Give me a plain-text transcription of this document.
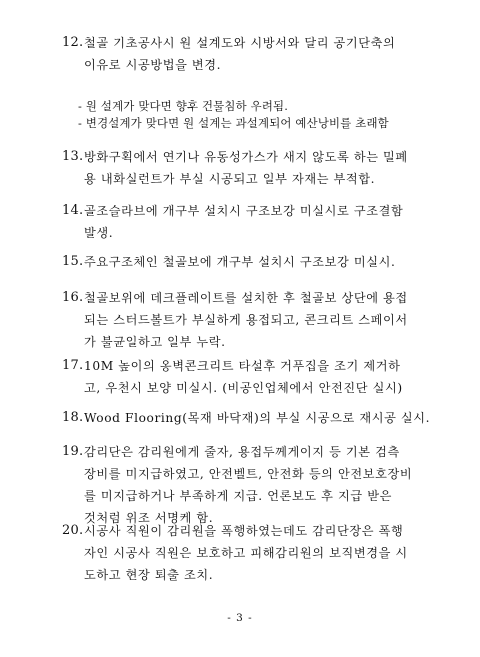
12. 철골 기초공사시 원 설계도와 시방서와 달리 공기단축의
이유로 시공방법을 변경.
- 원 설계가 맞다면 향후 건물침하 우려됨.
- 변경설계가 맞다면 원 설계는 과설계되어 예산낭비를 초래함
13. 방화구획에서 연기나 유동성가스가 새지 않도록 하는 밀폐
용 내화실런트가 부실 시공되고 일부 자재는 부적합.
14. 골조슬라브에 개구부 설치시 구조보강 미실시로 구조결함
발생.
15. 주요구조체인 철골보에 개구부 설치시 구조보강 미실시.
16. 철골보위에 데크플레이트를 설치한 후 철골보 상단에 용접
되는 스터드볼트가 부실하게 용접되고, 콘크리트 스페이서
가 불균일하고 일부 누락.
17. 10M 높이의 옹벽콘크리트 타설후 거푸집을 조기 제거하
고, 우천시 보양 미실시. (비공인업체에서 안전진단 실시)
18. Wood Flooring(목재 바닥재)의 부실 시공으로 재시공 실시.
19. 감리단은 감리원에게 줄자, 용접두께게이지 등 기본 검측
장비를 미지급하였고, 안전벨트, 안전화 등의 안전보호장비
를 미지급하거나 부족하게 지급. 언론보도 후 지급 받은
것처럼 위조 서명케 함.
20. 시공사 직원이 감리원을 폭행하였는데도 감리단장은 폭행
자인 시공사 직원은 보호하고 피해감리원의 보직변경을 시
도하고 현장 퇴출 조치.
- 3 -
